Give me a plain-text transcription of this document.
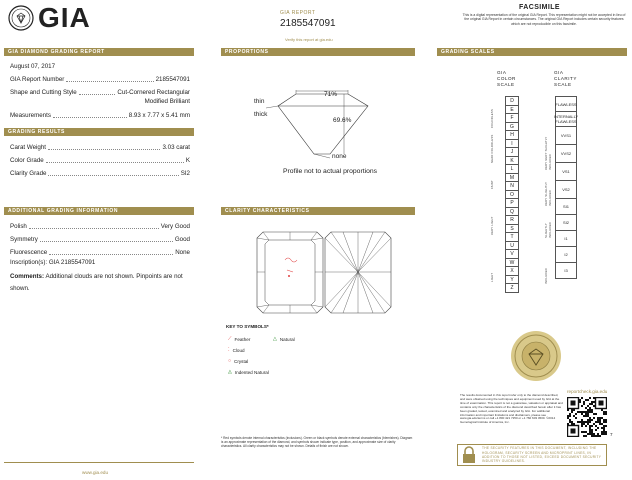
GIA	GIA REPORT
2185547091
Verify this report at gia.edu
FACSIMILE
This is a digital representation of the original GIA Report. This representation might not be accepted in lieu of the original GIA Report in certain circumstances. The original GIA Report includes certain security features which are not reproducible on this facsimile.
GIA DIAMOND GRADING REPORT
August 07, 2017
GIA Report Number	2185547091
Shape and Cutting Style	Cut-Cornered Rectangular
Modified Brilliant
Measurements	8.93 x 7.77 x 5.41 mm
GRADING RESULTS
Carat Weight	3.03 carat
Color Grade	K
Clarity Grade	SI2
ADDITIONAL GRADING INFORMATION
Polish	Very Good
Symmetry	Good
Fluorescence	None
Inscription(s): GIA 2185547091
Comments: Additional clouds are not shown. Pinpoints are not shown.
www.gia.edu
PROPORTIONS
71%
69.6%
thin
thick
none
Profile not to actual proportions
CLARITY CHARACTERISTICS
KEY TO SYMBOLS*
⟋ Feather	△ Natural
⁚ Cloud
○ Crystal
◬ Indented Natural
* Red symbols denote internal characteristics (inclusions). Green or black symbols denote external characteristics (blemishes). Diagram is an approximate representation of the diamond, and symbols shown indicate type, position, and approximate size of clarity characteristics. All clarity characteristics may not be shown. Details of finish are not shown.
GRADING SCALES
GIA
COLOR
SCALE
GIA
CLARITY
SCALE
D
E
F
G
H
I
J
K
L
M
N
O
P
Q
R
S
T
U
V
W
X
Y
Z
FLAWLESS
INTERNALLY FLAWLESS
VVS1
VVS2
VS1
VS2
SI1
SI2
I1
I2
I3
COLORLESS
NEAR COLORLESS
FAINT
VERY LIGHT
LIGHT
VERY VERY SLIGHTLY INCLUDED
VERY SLIGHTLY INCLUDED
SLIGHTLY INCLUDED
INCLUDED
reportcheck.gia.edu
The results documented in this report refer only to the diamond described, and were obtained using the techniques and equipment used by GIA at the time of examination. This report is not a guarantee, valuation or appraisal and contains only the characteristics of the diamond described herein after it has been graded, tested, examined and analyzed by GIA. For additional information and important limitations and disclaimers, please see www.gia.edu/terms or call +1 800 421 7250 or +1 760 603 4500. ©2014 Gemological Institute of America, Inc.
7
THE SECURITY FEATURES IN THIS DOCUMENT, INCLUDING THE HOLOGRAM, SECURITY SCREEN AND MICROPRINT LINES, IN ADDITION TO THOSE NOT LISTED, EXCEED DOCUMENT SECURITY INDUSTRY GUIDELINES.
